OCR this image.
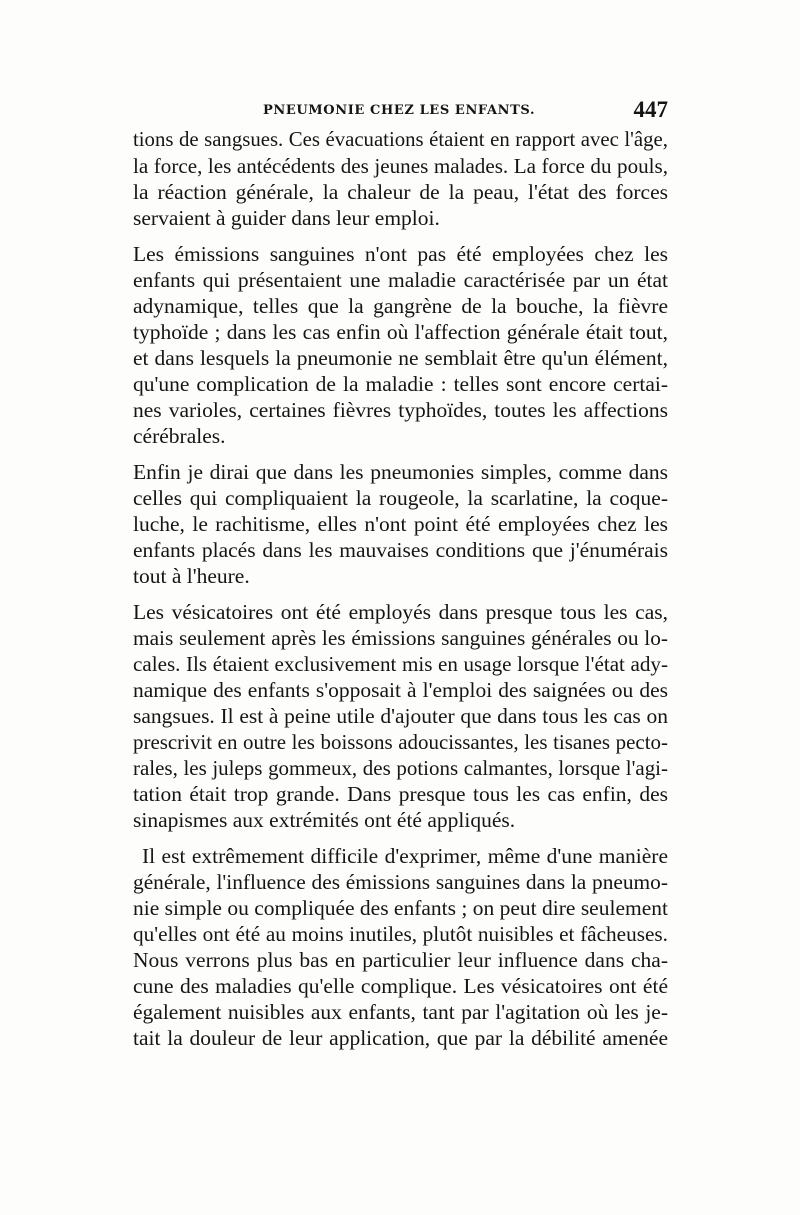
PNEUMONIE CHEZ LES ENFANTS.	447
tions de sangsues. Ces évacuations étaient en rapport avec l'âge,
la force, les antécédents des jeunes malades. La force du pouls,
la réaction générale, la chaleur de la peau, l'état des forces
servaient à guider dans leur emploi.
Les émissions sanguines n'ont pas été employées chez les
enfants qui présentaient une maladie caractérisée par un état
adynamique, telles que la gangrène de la bouche, la fièvre
typhoïde ; dans les cas enfin où l'affection générale était tout,
et dans lesquels la pneumonie ne semblait être qu'un élément,
qu'une complication de la maladie : telles sont encore certai-
nes varioles, certaines fièvres typhoïdes, toutes les affections
cérébrales.
Enfin je dirai que dans les pneumonies simples, comme dans
celles qui compliquaient la rougeole, la scarlatine, la coque-
luche, le rachitisme, elles n'ont point été employées chez les
enfants placés dans les mauvaises conditions que j'énumérais
tout à l'heure.
Les vésicatoires ont été employés dans presque tous les cas,
mais seulement après les émissions sanguines générales ou lo-
cales. Ils étaient exclusivement mis en usage lorsque l'état ady-
namique des enfants s'opposait à l'emploi des saignées ou des
sangsues. Il est à peine utile d'ajouter que dans tous les cas on
prescrivit en outre les boissons adoucissantes, les tisanes pecto-
rales, les juleps gommeux, des potions calmantes, lorsque l'agi-
tation était trop grande. Dans presque tous les cas enfin, des
sinapismes aux extrémités ont été appliqués.
Il est extrêmement difficile d'exprimer, même d'une manière
générale, l'influence des émissions sanguines dans la pneumo-
nie simple ou compliquée des enfants ; on peut dire seulement
qu'elles ont été au moins inutiles, plutôt nuisibles et fâcheuses.
Nous verrons plus bas en particulier leur influence dans cha-
cune des maladies qu'elle complique. Les vésicatoires ont été
également nuisibles aux enfants, tant par l'agitation où les je-
tait la douleur de leur application, que par la débilité amenée
